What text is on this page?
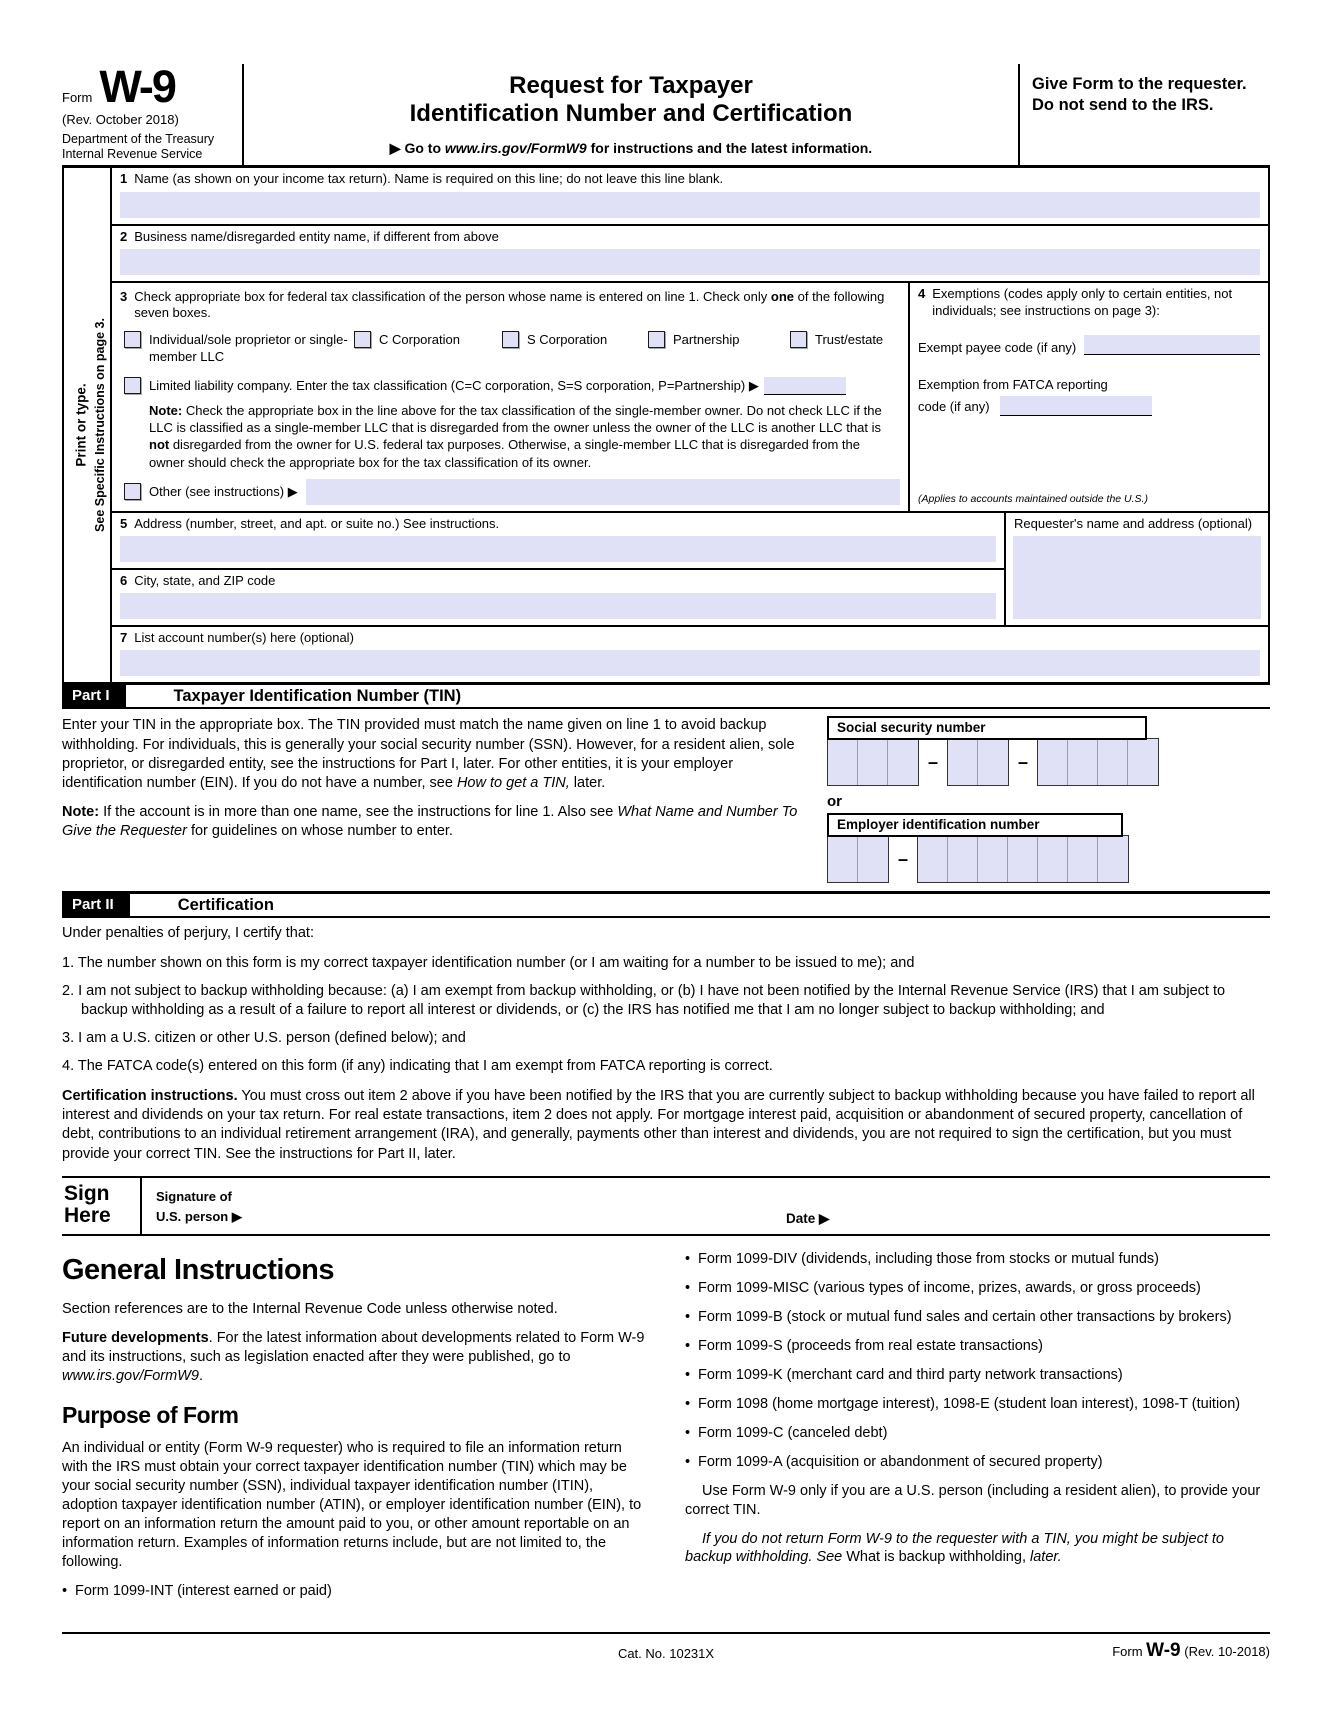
Form W-9
(Rev. October 2018)
Department of the Treasury
Internal Revenue Service
Request for Taxpayer
Identification Number and Certification
▶ Go to www.irs.gov/FormW9 for instructions and the latest information.
Give Form to the requester. Do not send to the IRS.
Print or type. See Specific Instructions on page 3.
1 Name (as shown on your income tax return). Name is required on this line; do not leave this line blank.
2 Business name/disregarded entity name, if different from above
3 Check appropriate box for federal tax classification of the person whose name is entered on line 1. Check only one of the following seven boxes.
Individual/sole proprietor or single-member LLC
C Corporation	S Corporation	Partnership	Trust/estate
Limited liability company. Enter the tax classification (C=C corporation, S=S corporation, P=Partnership) ▶
Note: Check the appropriate box in the line above for the tax classification of the single-member owner. Do not check LLC if the LLC is classified as a single-member LLC that is disregarded from the owner unless the owner of the LLC is another LLC that is not disregarded from the owner for U.S. federal tax purposes. Otherwise, a single-member LLC that is disregarded from the owner should check the appropriate box for the tax classification of its owner.
Other (see instructions) ▶
4 Exemptions (codes apply only to certain entities, not individuals; see instructions on page 3):
Exempt payee code (if any)
Exemption from FATCA reporting
code (if any)
(Applies to accounts maintained outside the U.S.)
5 Address (number, street, and apt. or suite no.) See instructions.
6 City, state, and ZIP code
Requester's name and address (optional)
7 List account number(s) here (optional)
Part I	Taxpayer Identification Number (TIN)

Enter your TIN in the appropriate box. The TIN provided must match the name given on line 1 to avoid backup withholding. For individuals, this is generally your social security number (SSN). However, for a resident alien, sole proprietor, or disregarded entity, see the instructions for Part I, later. For other entities, it is your employer identification number (EIN). If you do not have a number, see How to get a TIN, later.

Note: If the account is in more than one name, see the instructions for line 1. Also see What Name and Number To Give the Requester for guidelines on whose number to enter.

Social security number
–	–
or
Employer identification number
–
Part II	Certification
Under penalties of perjury, I certify that:
1. The number shown on this form is my correct taxpayer identification number (or I am waiting for a number to be issued to me); and
2. I am not subject to backup withholding because: (a) I am exempt from backup withholding, or (b) I have not been notified by the Internal Revenue Service (IRS) that I am subject to backup withholding as a result of a failure to report all interest or dividends, or (c) the IRS has notified me that I am no longer subject to backup withholding; and
3. I am a U.S. citizen or other U.S. person (defined below); and
4. The FATCA code(s) entered on this form (if any) indicating that I am exempt from FATCA reporting is correct.
Certification instructions. You must cross out item 2 above if you have been notified by the IRS that you are currently subject to backup withholding because you have failed to report all interest and dividends on your tax return. For real estate transactions, item 2 does not apply. For mortgage interest paid, acquisition or abandonment of secured property, cancellation of debt, contributions to an individual retirement arrangement (IRA), and generally, payments other than interest and dividends, you are not required to sign the certification, but you must provide your correct TIN. See the instructions for Part II, later.
Sign
Here
Signature of
U.S. person ▶	Date ▶
General Instructions

Section references are to the Internal Revenue Code unless otherwise noted.

Future developments. For the latest information about developments related to Form W-9 and its instructions, such as legislation enacted after they were published, go to www.irs.gov/FormW9.

Purpose of Form

An individual or entity (Form W-9 requester) who is required to file an information return with the IRS must obtain your correct taxpayer identification number (TIN) which may be your social security number (SSN), individual taxpayer identification number (ITIN), adoption taxpayer identification number (ATIN), or employer identification number (EIN), to report on an information return the amount paid to you, or other amount reportable on an information return. Examples of information returns include, but are not limited to, the following.

• Form 1099-INT (interest earned or paid)
• Form 1099-DIV (dividends, including those from stocks or mutual funds)
• Form 1099-MISC (various types of income, prizes, awards, or gross proceeds)
• Form 1099-B (stock or mutual fund sales and certain other transactions by brokers)
• Form 1099-S (proceeds from real estate transactions)
• Form 1099-K (merchant card and third party network transactions)
• Form 1098 (home mortgage interest), 1098-E (student loan interest), 1098-T (tuition)
• Form 1099-C (canceled debt)
• Form 1099-A (acquisition or abandonment of secured property)

Use Form W-9 only if you are a U.S. person (including a resident alien), to provide your correct TIN.

If you do not return Form W-9 to the requester with a TIN, you might be subject to backup withholding. See What is backup withholding, later.

Cat. No. 10231X	Form W-9 (Rev. 10-2018)
